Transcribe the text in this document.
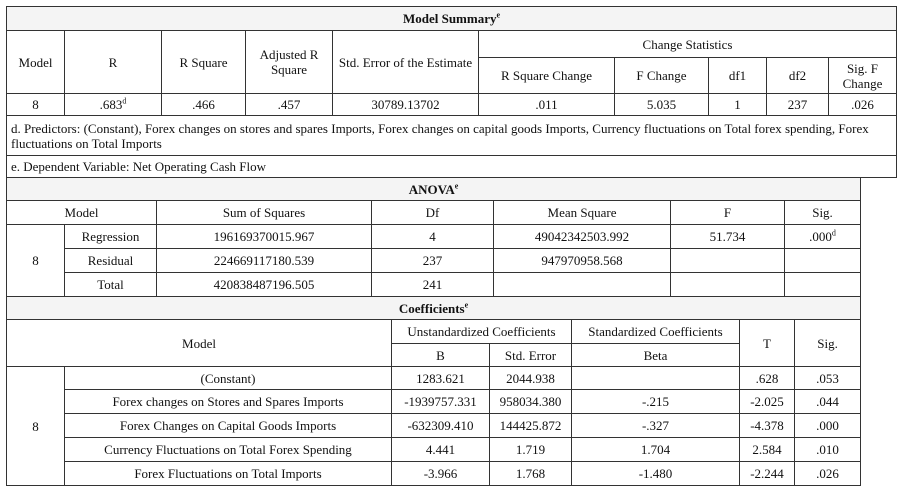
Model Summary$^e$
Model	R	R Square	Adjusted R Square	Std. Error of the Estimate	Change Statistics				
					R Square Change	F Change	df1	df2	Sig. F Change
8	.683$^d$	.466	.457	30789.13702	.011	5.035	1	237	.026
d. Predictors: (Constant), Forex changes on stores and spares Imports, Forex changes on capital goods Imports, Currency fluctuations on Total forex spending, Forex fluctuations on Total Imports									
e. Dependent Variable: Net Operating Cash Flow									
ANOVA$^e$
Model		Sum of Squares	Df	Mean Square	F	Sig.
8	Regression	196169370015.967	4	49042342503.992	51.734	.000$^d$
	Residual	224669117180.539	237	947970958.568		
	Total	420838487196.505	241			
Coefficients$^e$
Model		Unstandardized Coefficients		Standardized Coefficients	T	Sig.
		B	Std. Error	Beta		
8	(Constant)	1283.621	2044.938		.628	.053
	Forex changes on Stores and Spares Imports	-1939757.331	958034.380	-.215	-2.025	.044
	Forex Changes on Capital Goods Imports	-632309.410	144425.872	-.327	-4.378	.000
	Currency Fluctuations on Total Forex Spending	4.441	1.719	1.704	2.584	.010
	Forex Fluctuations on Total Imports	-3.966	1.768	-1.480	-2.244	.026
